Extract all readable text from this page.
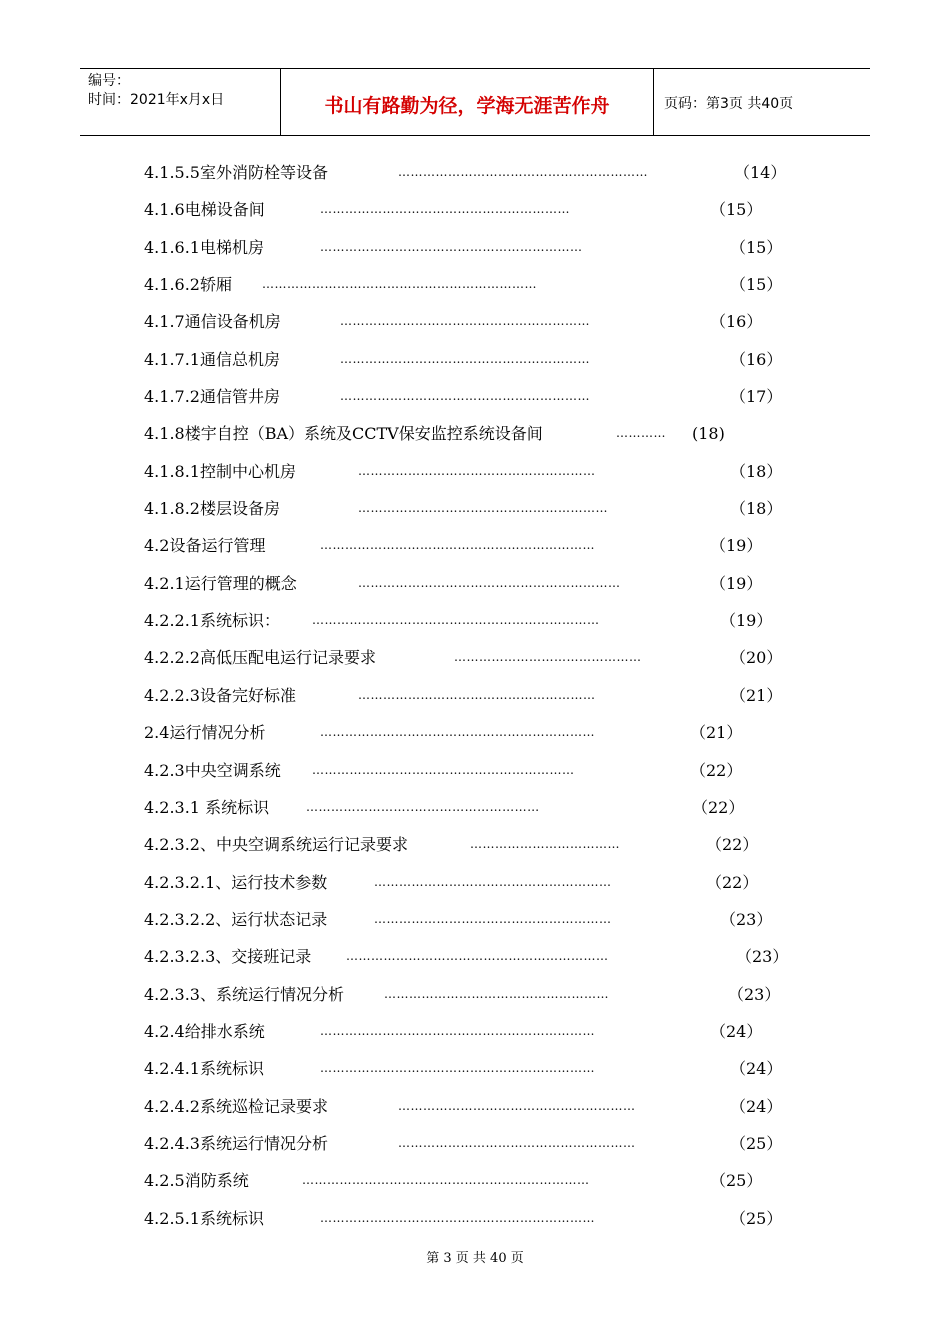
编号：
时间：2021年x月x日	书山有路勤为径，学海无涯苦作舟	页码：第3页 共40页
4.1.5.5室外消防栓等设备	……………………………………………………	（14）
4.1.6电梯设备间	……………………………………………………	（15）
4.1.6.1电梯机房	………………………………………………………	（15）
4.1.6.2轿厢	…………………………………………………………	（15）
4.1.7通信设备机房	……………………………………………………	（16）
4.1.7.1通信总机房	……………………………………………………	（16）
4.1.7.2通信管井房	……………………………………………………	（17）
4.1.8楼宇自控（BA）系统及CCTV保安监控系统设备间	…………	(18)
4.1.8.1控制中心机房	…………………………………………………	（18）
4.1.8.2楼层设备房	……………………………………………………	（18）
4.2设备运行管理	…………………………………………………………	（19）
4.2.1运行管理的概念	………………………………………………………	（19）
4.2.2.1系统标识：	……………………………………………………………	（19）
4.2.2.2高低压配电运行记录要求	………………………………………	（20）
4.2.2.3设备完好标准	…………………………………………………	（21）
2.4运行情况分析	…………………………………………………………	（21）
4.2.3中央空调系统	………………………………………………………	（22）
4.2.3.1 系统标识	……………………..…………………………	（22）
4.2.3.2、中央空调系统运行记录要求	………………………………	（22）
4.2.3.2.1、运行技术参数	…………………………………………………	（22）
4.2.3.2.2、运行状态记录	…………………………………………………	（23）
4.2.3.2.3、交接班记录	………………………………………………………	（23）
4.2.3.3、系统运行情况分析	………………………………………………	（23）
4.2.4给排水系统	…………………………………………………………	（24）
4.2.4.1系统标识	…………………………………………………………	（24）
4.2.4.2系统巡检记录要求	…………………………………………………	（24）
4.2.4.3系统运行情况分析	…………………………………………………	（25）
4.2.5消防系统	……………………………………………………………	（25）
4.2.5.1系统标识	…………………………………………………………	（25）
第 3 页 共 40 页
